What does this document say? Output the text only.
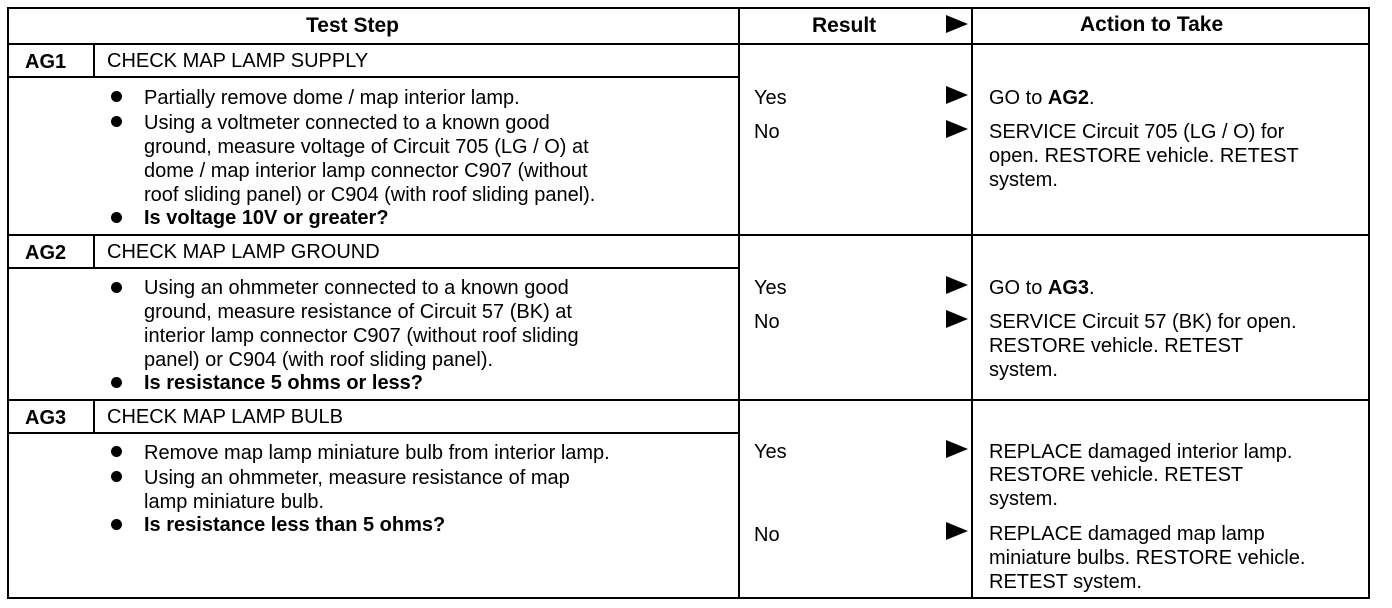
Test Step	Result	Action to Take
AG1 CHECK MAP LAMP SUPPLY
Partially remove dome / map interior lamp.
Using a voltmeter connected to a known good
ground, measure voltage of Circuit 705 (LG / O) at
dome / map interior lamp connector C907 (without
roof sliding panel) or C904 (with roof sliding panel).
Is voltage 10V or greater?
Yes	GO to AG2.
No	SERVICE Circuit 705 (LG / O) for
open. RESTORE vehicle. RETEST
system.
AG2 CHECK MAP LAMP GROUND
Using an ohmmeter connected to a known good
ground, measure resistance of Circuit 57 (BK) at
interior lamp connector C907 (without roof sliding
panel) or C904 (with roof sliding panel).
Is resistance 5 ohms or less?
Yes	GO to AG3.
No	SERVICE Circuit 57 (BK) for open.
RESTORE vehicle. RETEST
system.
AG3 CHECK MAP LAMP BULB
Remove map lamp miniature bulb from interior lamp.
Using an ohmmeter, measure resistance of map
lamp miniature bulb.
Is resistance less than 5 ohms?
Yes	REPLACE damaged interior lamp.
RESTORE vehicle. RETEST
system.
No	REPLACE damaged map lamp
miniature bulbs. RESTORE vehicle.
RETEST system.
